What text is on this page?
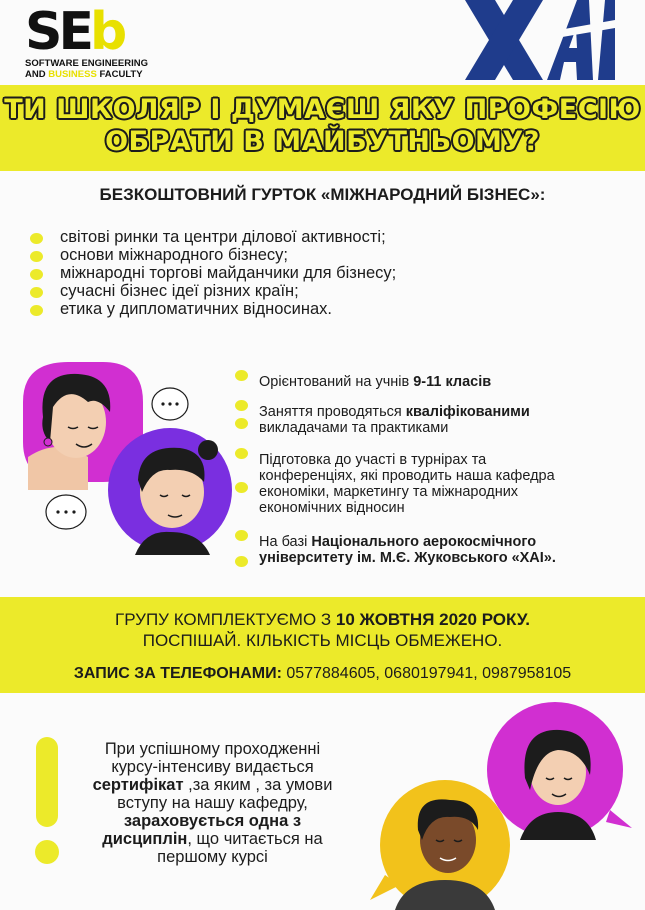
SEb
SOFTWARE ENGINEERING
AND BUSINESS FACULTY
ТИ ШКОЛЯР І ДУМАЄШ ЯКУ ПРОФЕСІЮ
ОБРАТИ В МАЙБУТНЬОМУ?
БЕЗКОШТОВНИЙ ГУРТОК «МІЖНАРОДНИЙ БІЗНЕС»:
світові ринки та центри ділової активності;
основи міжнародного бізнесу;
міжнародні торгові майданчики для бізнесу;
сучасні бізнес ідеї різних країн;
етика у дипломатичних відносинах.
Орієнтований на учнів 9-11 класів
Заняття проводяться кваліфікованими
викладачами та практиками
Підготовка до участі в турнірах та
конференціях, які проводить наша кафедра
економіки, маркетингу та міжнародних
економічних відносин
На базі Національного аерокосмічного
університету ім. М.Є. Жуковського «ХАІ».
ГРУПУ КОМПЛЕКТУЄМО З 10 ЖОВТНЯ 2020 РОКУ.
ПОСПІШАЙ. КІЛЬКІСТЬ МІСЦЬ ОБМЕЖЕНО.
ЗАПИС ЗА ТЕЛЕФОНАМИ: 0577884605, 0680197941, 0987958105
При успішному проходженні
курсу-інтенсиву видається
сертифікат ,за яким , за умови
вступу на нашу кафедру,
зараховується одна з
дисциплін, що читається на
першому курсі
